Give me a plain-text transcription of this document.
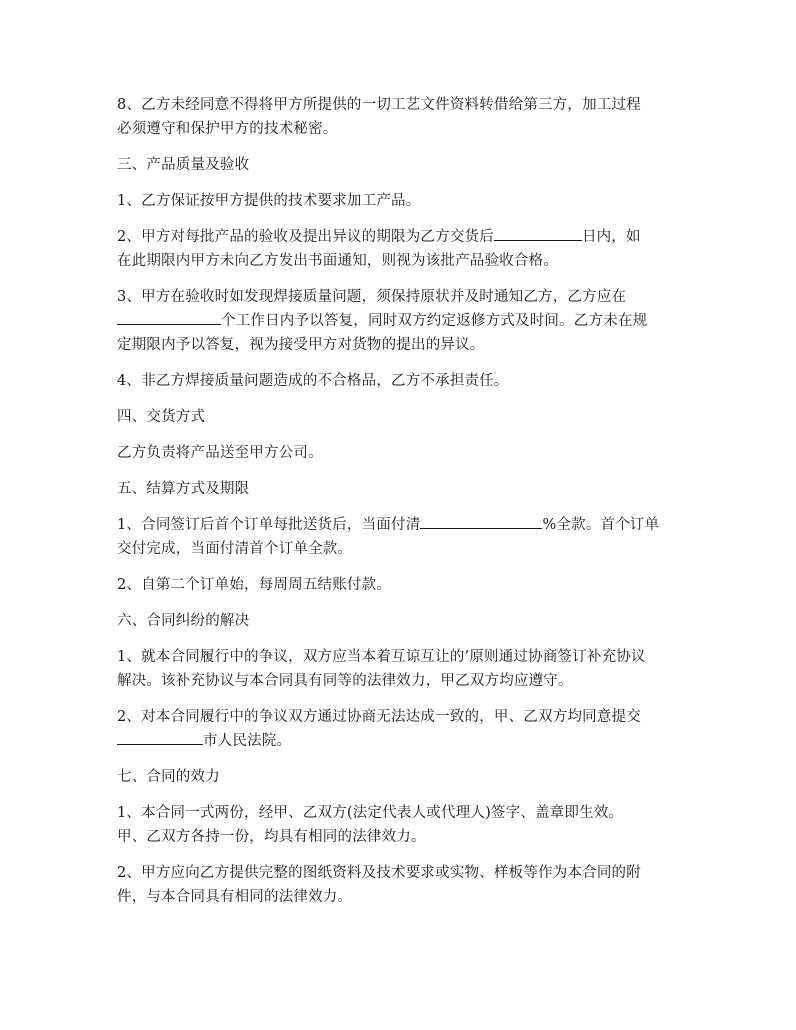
8、乙方未经同意不得将甲方所提供的一切工艺文件资料转借给第三方，加工过程
必须遵守和保护甲方的技术秘密。

三、产品质量及验收

1、乙方保证按甲方提供的技术要求加工产品。

2、甲方对每批产品的验收及提出异议的期限为乙方交货后	日内，如
在此期限内甲方未向乙方发出书面通知，则视为该批产品验收合格。

3、甲方在验收时如发现焊接质量问题，须保持原状并及时通知乙方，乙方应在
个工作日内予以答复，同时双方约定返修方式及时间。乙方未在规
定期限内予以答复，视为接受甲方对货物的提出的异议。

4、非乙方焊接质量问题造成的不合格品，乙方不承担责任。

四、交货方式

乙方负责将产品送至甲方公司。

五、结算方式及期限

1、合同签订后首个订单每批送货后，当面付清	%全款。首个订单
交付完成，当面付清首个订单全款。

2、自第二个订单始，每周周五结账付款。

六、合同纠纷的解决

1、就本合同履行中的争议，双方应当本着互谅互让的’原则通过协商签订补充协议
解决。该补充协议与本合同具有同等的法律效力，甲乙双方均应遵守。

2、对本合同履行中的争议双方通过协商无法达成一致的，甲、乙双方均同意提交
市人民法院。

七、合同的效力

1、本合同一式两份，经甲、乙双方(法定代表人或代理人)签字、盖章即生效。
甲、乙双方各持一份，均具有相同的法律效力。

2、甲方应向乙方提供完整的图纸资料及技术要求或实物、样板等作为本合同的附
件，与本合同具有相同的法律效力。
